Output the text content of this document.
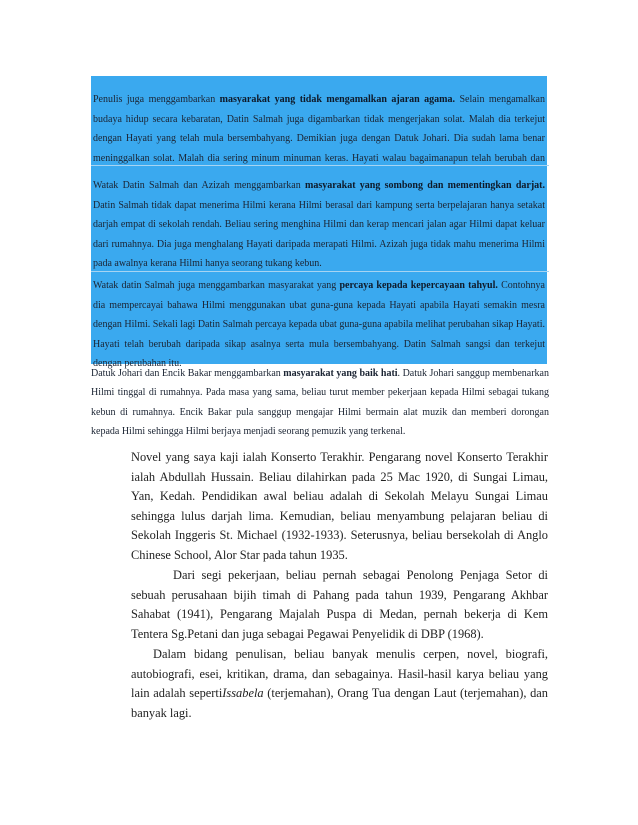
Penulis juga menggambarkan masyarakat yang tidak mengamalkan ajaran agama. Selain mengamalkan budaya hidup secara kebaratan, Datin Salmah juga digambarkan tidak mengerjakan solat. Malah dia terkejut dengan Hayati yang telah mula bersembahyang. Demikian juga dengan Datuk Johari. Dia sudah lama benar meninggalkan solat. Malah dia sering minum minuman keras. Hayati walau bagaimanapun telah berubah dan

Watak Datin Salmah dan Azizah menggambarkan masyarakat yang sombong dan mementingkan darjat. Datin Salmah tidak dapat menerima Hilmi kerana Hilmi berasal dari kampung serta berpelajaran hanya setakat darjah empat di sekolah rendah. Beliau sering menghina Hilmi dan kerap mencari jalan agar Hilmi dapat keluar dari rumahnya. Dia juga menghalang Hayati daripada merapati Hilmi. Azizah juga tidak mahu menerima Hilmi pada awalnya kerana Hilmi hanya seorang tukang kebun.

Watak datin Salmah juga menggambarkan masyarakat yang percaya kepada kepercayaan tahyul. Contohnya dia mempercayai bahawa Hilmi menggunakan ubat guna-guna kepada Hayati apabila Hayati semakin mesra dengan Hilmi. Sekali lagi Datin Salmah percaya kepada ubat guna-guna apabila melihat perubahan sikap Hayati. Hayati telah berubah daripada sikap asalnya serta mula bersembahyang. Datin Salmah sangsi dan terkejut dengan perubahan itu.

Datuk Johari dan Encik Bakar menggambarkan masyarakat yang baik hati. Datuk Johari sanggup membenarkan Hilmi tinggal di rumahnya. Pada masa yang sama, beliau turut member pekerjaan kepada Hilmi sebagai tukang kebun di rumahnya. Encik Bakar pula sanggup mengajar Hilmi bermain alat muzik dan memberi dorongan kepada Hilmi sehingga Hilmi berjaya menjadi seorang pemuzik yang terkenal.

Novel yang saya kaji ialah Konserto Terakhir. Pengarang novel Konserto Terakhir ialah Abdullah Hussain. Beliau dilahirkan pada 25 Mac 1920, di Sungai Limau, Yan, Kedah. Pendidikan awal beliau adalah di Sekolah Melayu Sungai Limau sehingga lulus darjah lima. Kemudian, beliau menyambung pelajaran beliau di Sekolah Inggeris St. Michael (1932-1933). Seterusnya, beliau bersekolah di Anglo Chinese School, Alor Star pada tahun 1935.

Dari segi pekerjaan, beliau pernah sebagai Penolong Penjaga Setor di sebuah perusahaan bijih timah di Pahang pada tahun 1939, Pengarang Akhbar Sahabat (1941), Pengarang Majalah Puspa di Medan, pernah bekerja di Kem Tentera Sg.Petani dan juga sebagai Pegawai Penyelidik di DBP (1968).

Dalam bidang penulisan, beliau banyak menulis cerpen, novel, biografi, autobiografi, esei, kritikan, drama, dan sebagainya. Hasil-hasil karya beliau yang lain adalah sepertiIssabela (terjemahan), Orang Tua dengan Laut (terjemahan), dan banyak lagi.
